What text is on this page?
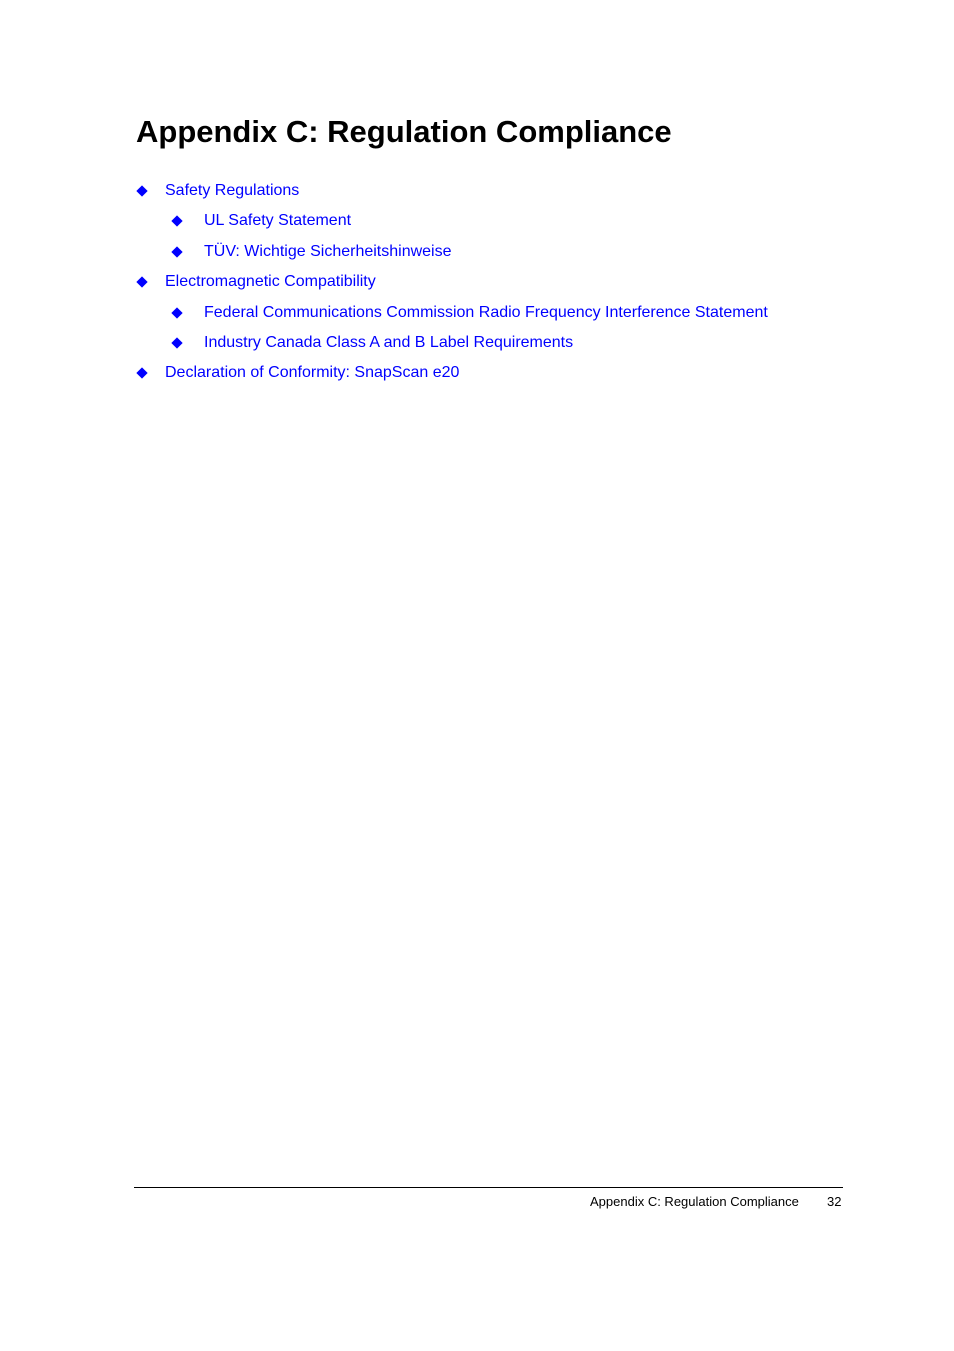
Appendix C: Regulation Compliance
Safety Regulations
UL Safety Statement
TÜV: Wichtige Sicherheitshinweise
Electromagnetic Compatibility
Federal Communications Commission Radio Frequency Interference Statement
Industry Canada Class A and B Label Requirements
Declaration of Conformity: SnapScan e20
Appendix C: Regulation Compliance 32
